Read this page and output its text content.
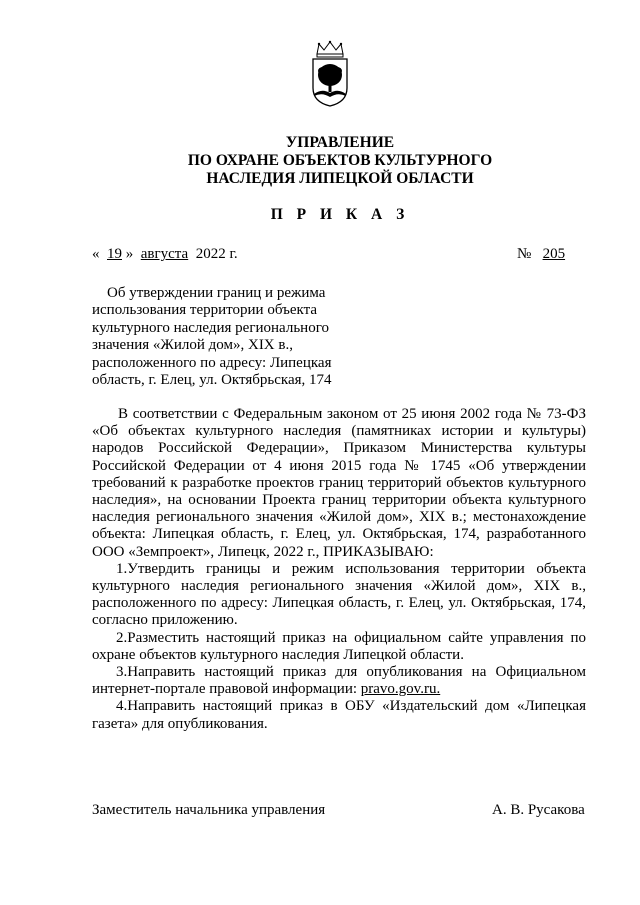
УПРАВЛЕНИЕ
ПО ОХРАНЕ ОБЪЕКТОВ КУЛЬТУРНОГО
НАСЛЕДИЯ ЛИПЕЦКОЙ ОБЛАСТИ
П Р И К А З
« 19 » августа 2022 г.	№ 205
Об утверждении границ и режима
использования территории объекта
культурного наследия регионального
значения «Жилой дом», XIX в.,
расположенного по адресу: Липецкая
область, г. Елец, ул. Октябрьская, 174

В соответствии с Федеральным законом от 25 июня 2002 года № 73-ФЗ «Об объектах культурного наследия (памятниках истории и культуры) народов Российской Федерации», Приказом Министерства культуры Российской Федерации от 4 июня 2015 года № 1745 «Об утверждении требований к разработке проектов границ территорий объектов культурного наследия», на основании Проекта границ территории объекта культурного наследия регионального значения «Жилой дом», XIX в.; местонахождение объекта: Липецкая область, г. Елец, ул. Октябрьская, 174, разработанного ООО «Земпроект», Липецк, 2022 г., ПРИКАЗЫВАЮ:

1.Утвердить границы и режим использования территории объекта культурного наследия регионального значения «Жилой дом», XIX в., расположенного по адресу: Липецкая область, г. Елец, ул. Октябрьская, 174, согласно приложению.

2.Разместить настоящий приказ на официальном сайте управления по охране объектов культурного наследия Липецкой области.

3.Направить настоящий приказ для опубликования на Официальном интернет-портале правовой информации: pravo.gov.ru.

4.Направить настоящий приказ в ОБУ «Издательский дом «Липецкая газета» для опубликования.

Заместитель начальника управления	А. В. Русакова
